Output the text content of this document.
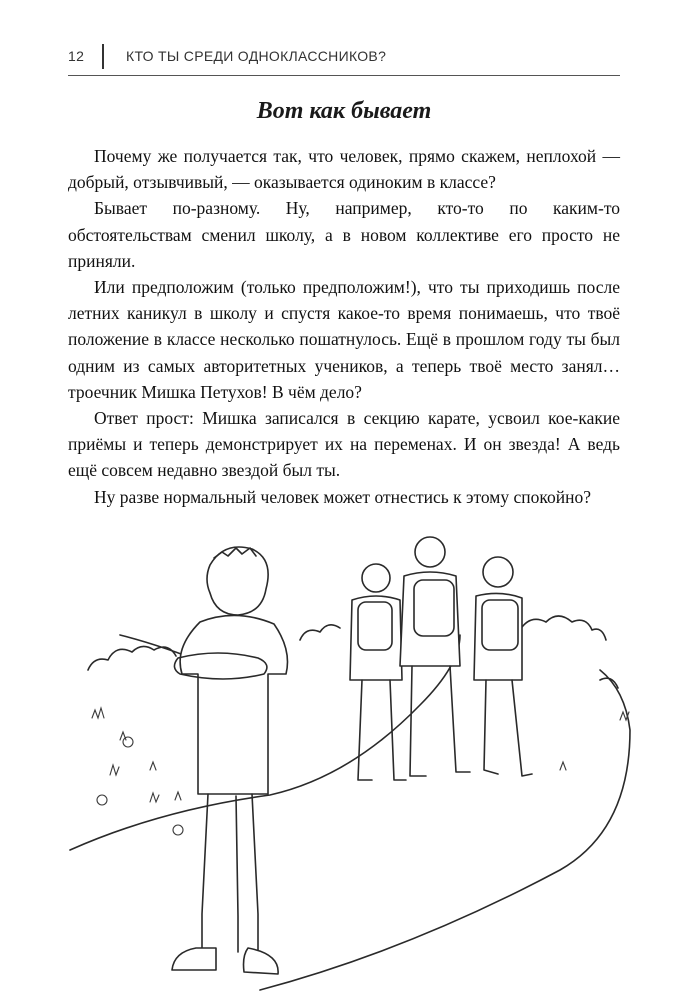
12	КТО ТЫ СРЕДИ ОДНОКЛАССНИКОВ?
Вот как бывает

Почему же получается так, что человек, прямо скажем, неплохой — добрый, отзывчивый, — оказывается одиноким в классе?

Бывает по-разному. Ну, например, кто-то по каким-то обстоятельствам сменил школу, а в новом коллективе его просто не приняли.

Или предположим (только предположим!), что ты приходишь после летних каникул в школу и спустя какое-то время понимаешь, что твоё положение в классе несколько пошатнулось. Ещё в прошлом году ты был одним из самых авторитетных учеников, а теперь твоё место занял… троечник Мишка Петухов! В чём дело?

Ответ прост: Мишка записался в секцию карате, усвоил кое-какие приёмы и теперь демонстрирует их на переменах. И он звезда! А ведь ещё совсем недавно звездой был ты.

Ну разве нормальный человек может отнестись к этому спокойно?
